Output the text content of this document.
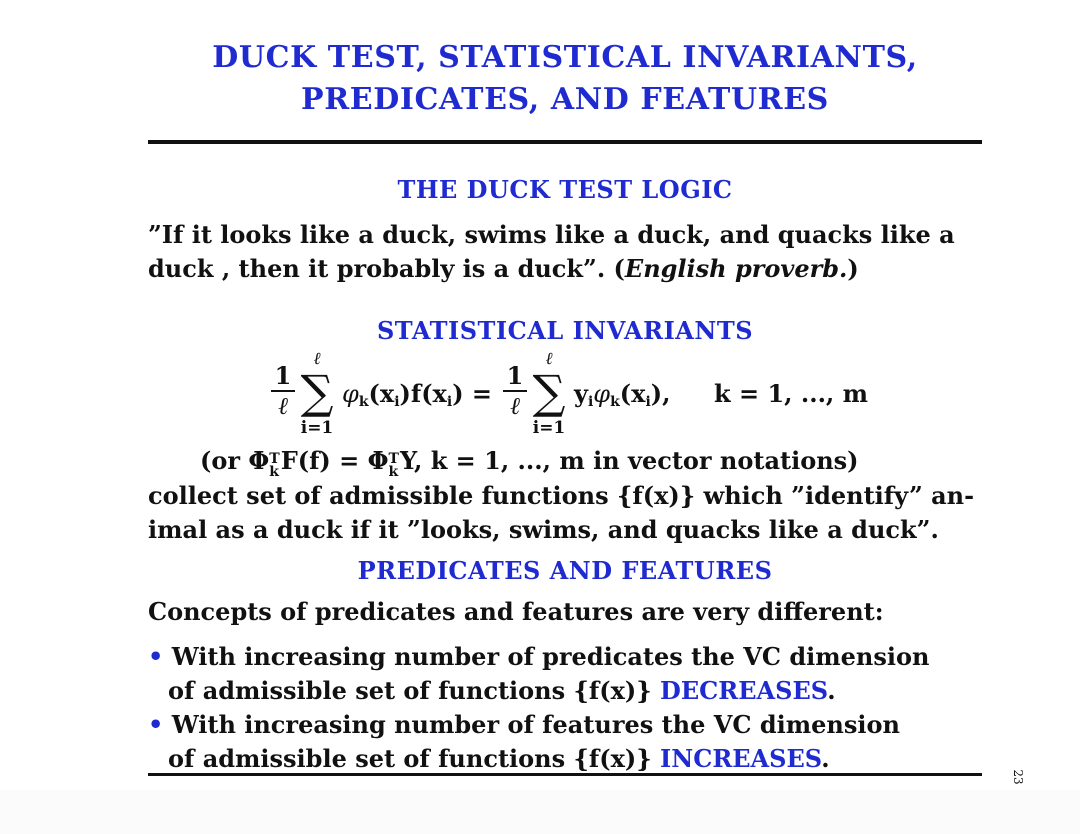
DUCK TEST, STATISTICAL INVARIANTS,
PREDICATES, AND FEATURES
THE DUCK TEST LOGIC
”If it looks like a duck, swims like a duck, and quacks like a
duck , then it probably is a duck”. (English proverb.)
STATISTICAL INVARIANTS
1
ℓ
ℓ
∑
i=1
$\varphi_k(x_i)f(x_i)$ =
1
ℓ
ℓ
∑
i=1
$y_i\varphi_k(x_i)$, k = 1, ..., m
(or ΦT
kF(f) = ΦT
kY, k = 1, ..., m in vector notations)
collect set of admissible functions {f(x)} which ”identify” an-
imal as a duck if it ”looks, swims, and quacks like a duck”.
PREDICATES AND FEATURES
Concepts of predicates and features are very different:
• With increasing number of predicates the VC dimension
of admissible set of functions {f(x)} DECREASES.
• With increasing number of features the VC dimension
of admissible set of functions {f(x)} INCREASES.
23
